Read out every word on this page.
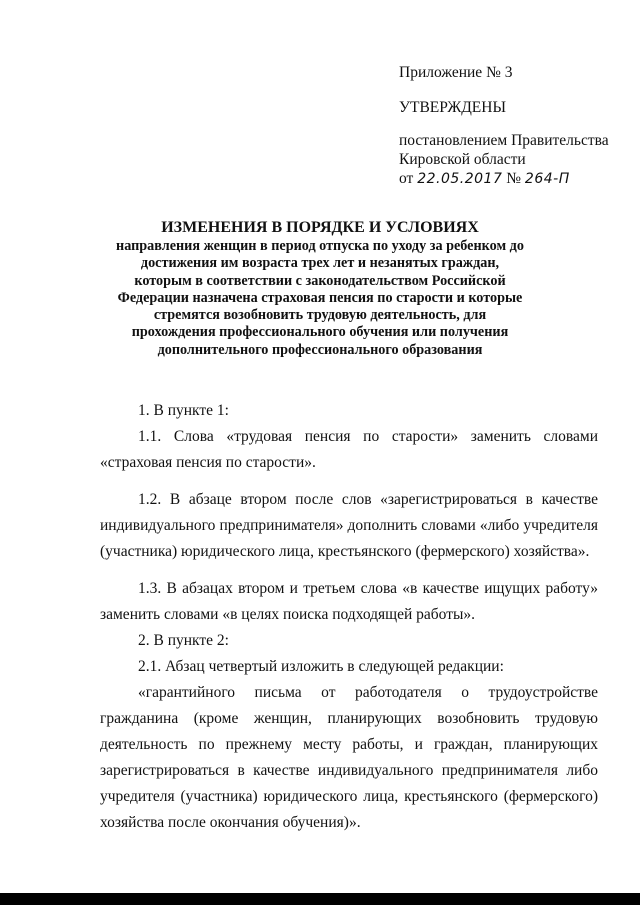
Приложение № 3
УТВЕРЖДЕНЫ
постановлением Правительства
Кировской области
от 22.05.2017 № 264-П
ИЗМЕНЕНИЯ В ПОРЯДКЕ И УСЛОВИЯХ
направления женщин в период отпуска по уходу за ребенком до достижения им возраста трех лет и незанятых граждан, которым в соответствии с законодательством Российской Федерации назначена страховая пенсия по старости и которые стремятся возобновить трудовую деятельность, для прохождения профессионального обучения или получения дополнительного профессионального образования

1. В пункте 1:

1.1. Слова «трудовая пенсия по старости» заменить словами «страховая пенсия по старости».

1.2. В абзаце втором после слов «зарегистрироваться в качестве индивидуального предпринимателя» дополнить словами «либо учредителя (участника) юридического лица, крестьянского (фермерского) хозяйства».

1.3. В абзацах втором и третьем слова «в качестве ищущих работу» заменить словами «в целях поиска подходящей работы».

2. В пункте 2:

2.1. Абзац четвертый изложить в следующей редакции:

«гарантийного письма от работодателя о трудоустройстве гражданина (кроме женщин, планирующих возобновить трудовую деятельность по прежнему месту работы, и граждан, планирующих зарегистрироваться в качестве индивидуального предпринимателя либо учредителя (участника) юридического лица, крестьянского (фермерского) хозяйства после окончания обучения)».
